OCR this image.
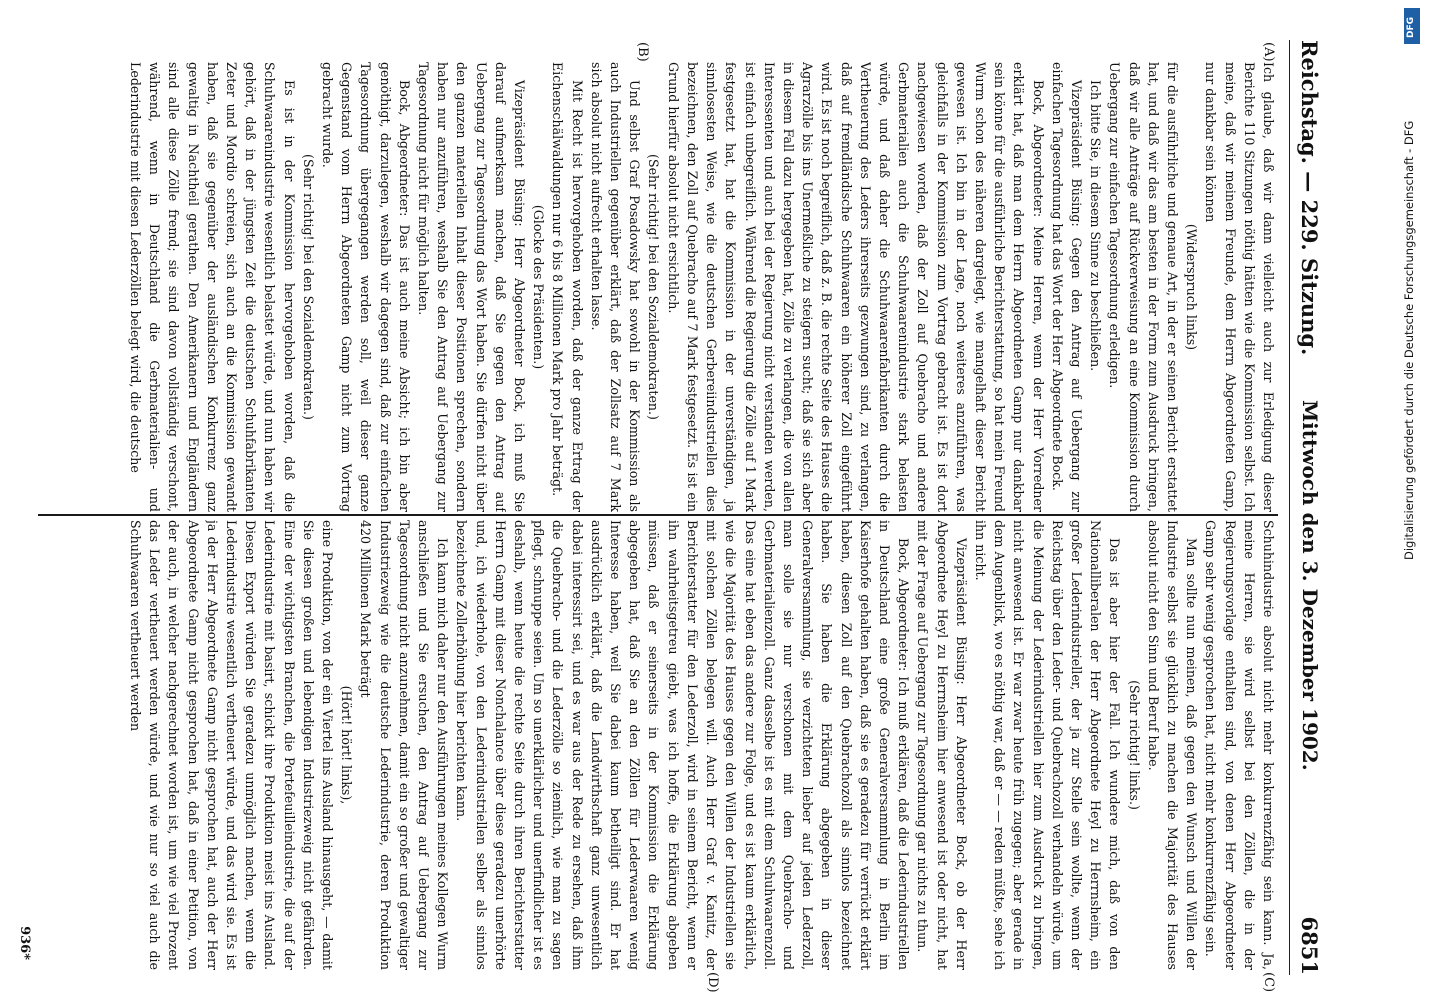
Reichstag. — 229. Sitzung.
Mittwoch den 3. Dezember 1902.
6851
(A)
(B)
(C)
(D)

Ich glaube, daß wir dann vielleicht auch zur Erledigung dieser Berichte 110 Sitzungen nöthig hätten wie die Kommission selbst. Ich meine, daß wir meinem Freunde, dem Herrn Abgeordneten Gamp, nur dankbar sein können

(Widerspruch links)

für die ausführliche und genaue Art, in der er seinen Bericht erstattet hat, und daß wir das am besten in der Form zum Ausdruck bringen, daß wir alle Anträge auf Rückverweisung an eine Kommission durch Uebergang zur einfachen Tagesordnung erledigen.

Ich bitte Sie, in diesem Sinne zu beschließen.

Vizepräsident Büsing: Gegen den Antrag auf Uebergang zur einfachen Tagesordnung hat das Wort der Herr Abgeordnete Bock.

Bock, Abgeordneter: Meine Herren, wenn der Herr Vorredner erklärt hat, daß man dem Herrn Abgeordneten Gamp nur dankbar sein könne für die ausführliche Berichterstattung, so hat mein Freund Wurm schon des näheren dargelegt, wie mangelhaft dieser Bericht gewesen ist. Ich bin in der Lage, noch weiteres anzuführen, was gleichfalls in der Kommission zum Vortrag gebracht ist. Es ist dort nachgewiesen worden, daß der Zoll auf Quebracho und andere Gerbmaterialien auch die Schuhwaarenindustrie stark belasten würde, und daß daher die Schuhwaarenfabrikanten durch die Vertheuerung des Leders ihrerseits gezwungen sind, zu verlangen, daß auf fremdländische Schuhwaaren ein höherer Zoll eingeführt wird. Es ist noch begreiflich, daß z. B. die rechte Seite des Hauses die Agrarzölle bis ins Unermeßliche zu steigern sucht; daß sie sich aber in diesem Fall dazu hergegeben hat, Zölle zu verlangen, die von allen Interessenten und auch bei der Regierung nicht verstanden werden, ist einfach unbegreiflich. Während die Regierung die Zölle auf 1 Mark festgesetzt hat, hat die Kommission in der unverständigen, ja sinnlosesten Weise, wie die deutschen Gerbereiindustriellen dies bezeichnen, den Zoll auf Quebracho auf 7 Mark festgesetzt. Es ist ein Grund hierfür absolut nicht ersichtlich.

(Sehr richtig! bei den Sozialdemokraten.)

Und selbst Graf Posadowsky hat sowohl in der Kommission als auch Industriellen gegenüber erklärt, daß der Zollsatz auf 7 Mark sich absolut nicht aufrecht erhalten lasse.

Mit Recht ist hervorgehoben worden, daß der ganze Ertrag der Eichenschälwaldungen nur 6 bis 8 Millionen Mark pro Jahr beträgt.

(Glocke des Präsidenten.)

Vizepräsident Büsing: Herr Abgeordneter Bock, ich muß Sie darauf aufmerksam machen, daß Sie gegen den Antrag auf Uebergang zur Tagesordnung das Wort haben. Sie dürfen nicht über den ganzen materiellen Inhalt dieser Positionen sprechen, sondern haben nur anzuführen, weshalb Sie den Antrag auf Uebergang zur Tagesordnung nicht für möglich halten.

Bock, Abgeordneter: Das ist auch meine Absicht; ich bin aber genöthigt, darzulegen, weshalb wir dagegen sind, daß zur einfachen Tagesordnung übergegangen werden soll, weil dieser ganze Gegenstand vom Herrn Abgeordneten Gamp nicht zum Vortrag gebracht wurde.

(Sehr richtig! bei den Sozialdemokraten.)

Es ist in der Kommission hervorgehoben worden, daß die Schuhwaarenindustrie wesentlich belastet würde, und nun haben wir gehört, daß in der jüngsten Zeit die deutschen Schuhfabrikanten Zeter und Mordio schreien, sich auch an die Kommission gewandt haben, daß sie gegenüber der ausländischen Konkurrenz ganz gewaltig in Nachtheil gerathen. Den Amerikanern und Engländern sind alle diese Zölle fremd; sie sind davon vollständig verschont, während, wenn in Deutschland die Gerbmaterialien- und Lederindustrie mit diesen Lederzöllen belegt wird, die deutsche

Schuhindustrie absolut nicht mehr konkurrenzfähig sein kann. Ja, meine Herren, sie wird selbst bei den Zöllen, die in der Regierungsvorlage enthalten sind, von denen Herr Abgeordneter Gamp sehr wenig gesprochen hat, nicht mehr konkurrenzfähig sein.

Man sollte nun meinen, daß gegen den Wunsch und Willen der Industrie selbst sie glücklich zu machen die Majorität des Hauses absolut nicht den Sinn und Beruf habe.

(Sehr richtig! links.)

Das ist aber hier der Fall. Ich wundere mich, daß von den Nationalliberalen der Herr Abgeordnete Heyl zu Herrnsheim, ein großer Lederindustrieller, der ja zur Stelle sein wollte, wenn der Reichstag über den Leder- und Quebrachozoll verhandeln würde, um die Meinung der Lederindustriellen hier zum Ausdruck zu bringen, nicht anwesend ist. Er war zwar heute früh zugegen; aber gerade in dem Augenblick, wo es nöthig war, daß er — — reden müßte, sehe ich ihn nicht.

Vizepräsident Büsing: Herr Abgeordneter Bock, ob der Herr Abgeordnete Heyl zu Herrnsheim hier anwesend ist oder nicht, hat mit der Frage auf Uebergang zur Tagesordnung gar nichts zu thun.

Bock, Abgeordneter: Ich muß erklären, daß die Lederindustriellen in Deutschland eine große Generalversammlung in Berlin im Kaiserhofe gehalten haben, daß sie es geradezu für verrückt erklärt haben, diesen Zoll auf den Quebrachozoll als sinnlos bezeichnet haben. Sie haben die Erklärung abgegeben in dieser Generalversammlung, sie verzichteten lieber auf jeden Lederzoll, man solle sie nur verschonen mit dem Quebracho- und Gerbmaterialienzoll. Ganz dasselbe ist es mit dem Schuhwaarenzoll. Das eine hat eben das andere zur Folge, und es ist kaum erklärlich, wie die Majorität des Hauses gegen den Willen der Industriellen sie mit solchen Zöllen belegen will. Auch Herr Graf v. Kanitz, der Berichterstatter für den Lederzoll, wird in seinem Bericht, wenn er ihn wahrheitsgetreu giebt, was ich hoffe, die Erklärung abgeben müssen, daß er seinerseits in der Kommission die Erklärung abgegeben hat, daß Sie an den Zöllen für Lederwaaren wenig Interesse haben, weil Sie dabei kaum betheiligt sind. Er hat ausdrücklich erklärt, daß die Landwirthschaft ganz unwesentlich dabei interessirt sei, und es war aus der Rede zu ersehen, daß ihm die Quebracho- und die Lederzölle so ziemlich, wie man zu sagen pflegt, schnuppe seien. Um so unerklärlicher und unerfindlicher ist es deshalb, wenn heute die rechte Seite durch ihren Berichterstatter Herrn Gamp mit dieser Nonchalance über diese geradezu unerhörte und, ich wiederhole, von den Lederindustriellen selber als sinnlos bezeichnete Zollerhöhung hier berichten kann.

Ich kann mich daher nur den Ausführungen meines Kollegen Wurm anschließen und Sie ersuchen, den Antrag auf Uebergang zur Tagesordnung nicht anzunehmen, damit ein so großer und gewaltiger Industriezweig wie die deutsche Lederindustrie, deren Produktion 420 Millionen Mark beträgt

(Hört! hört! links),

eine Produktion, von der ein Viertel ins Ausland hinausgeht, — damit Sie diesen großen und lebendigen Industriezweig nicht gefährden. Eine der wichtigsten Branchen, die Portefeuilleindustrie, die auf der Lederindustrie mit basirt, schickt ihre Produktion meist ins Ausland. Diesen Export würden Sie geradezu unmöglich machen, wenn die Lederindustrie wesentlich vertheuert würde, und das wird sie. Es ist ja der Herr Abgeordnete Gamp nicht gesprochen hat, auch der Herr Abgeordnete Gamp nicht gesprochen hat, daß in einer Petition, von der auch, in welcher nachgerechnet worden ist, um wie viel Prozent das Leder vertheuert werden würde, und wie nur so viel auch die Schuhwaaren vertheuert werden

936*
DFG
Digitalisierung gefördert durch die Deutsche Forschungsgemeinschaft - DFG
